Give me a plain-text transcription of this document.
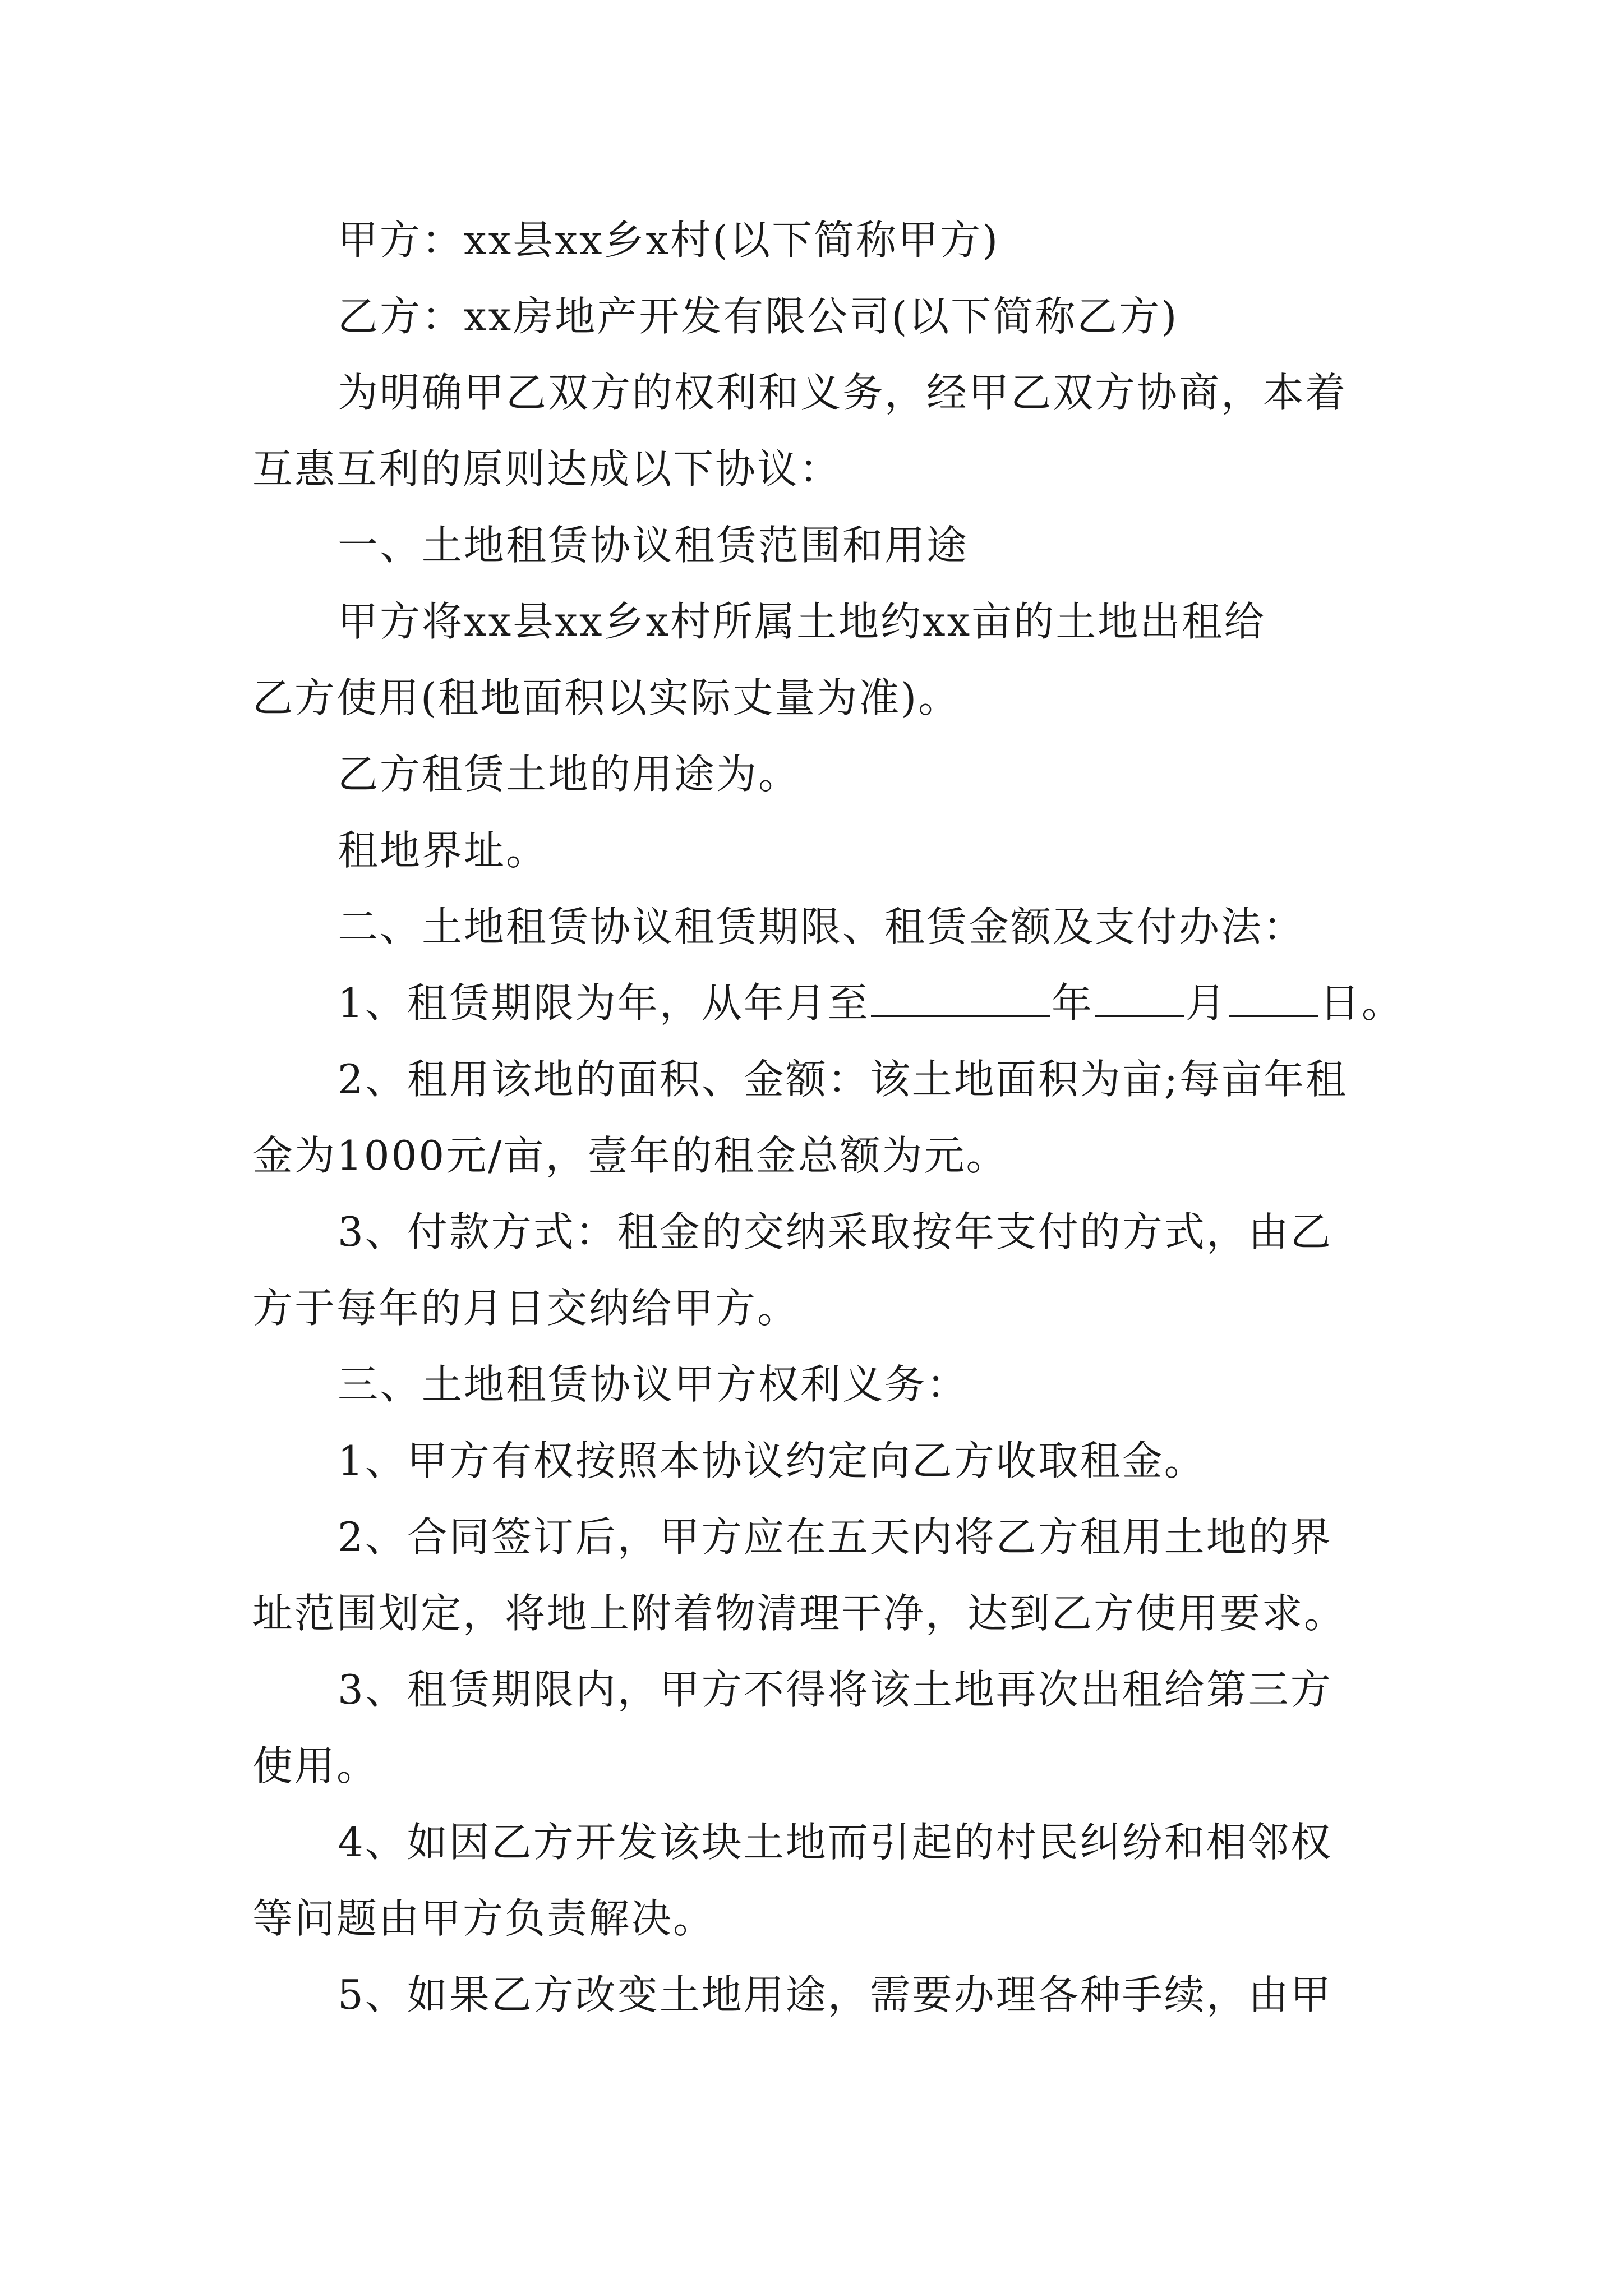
甲方：xx县xx乡x村(以下简称甲方)
乙方：xx房地产开发有限公司(以下简称乙方)
为明确甲乙双方的权利和义务，经甲乙双方协商，本着
互惠互利的原则达成以下协议：
一、土地租赁协议租赁范围和用途
甲方将xx县xx乡x村所属土地约xx亩的土地出租给
乙方使用(租地面积以实际丈量为准)。
乙方租赁土地的用途为。
租地界址。
二、土地租赁协议租赁期限、租赁金额及支付办法：
1、租赁期限为年，从年月至	年 月 日。
2、租用该地的面积、金额：该土地面积为亩;每亩年租
金为1000元/亩，壹年的租金总额为元。
3、付款方式：租金的交纳采取按年支付的方式，由乙
方于每年的月日交纳给甲方。
三、土地租赁协议甲方权利义务：
1、甲方有权按照本协议约定向乙方收取租金。
2、合同签订后，甲方应在五天内将乙方租用土地的界
址范围划定，将地上附着物清理干净，达到乙方使用要求。
3、租赁期限内，甲方不得将该土地再次出租给第三方
使用。
4、如因乙方开发该块土地而引起的村民纠纷和相邻权
等问题由甲方负责解决。
5、如果乙方改变土地用途，需要办理各种手续，由甲
